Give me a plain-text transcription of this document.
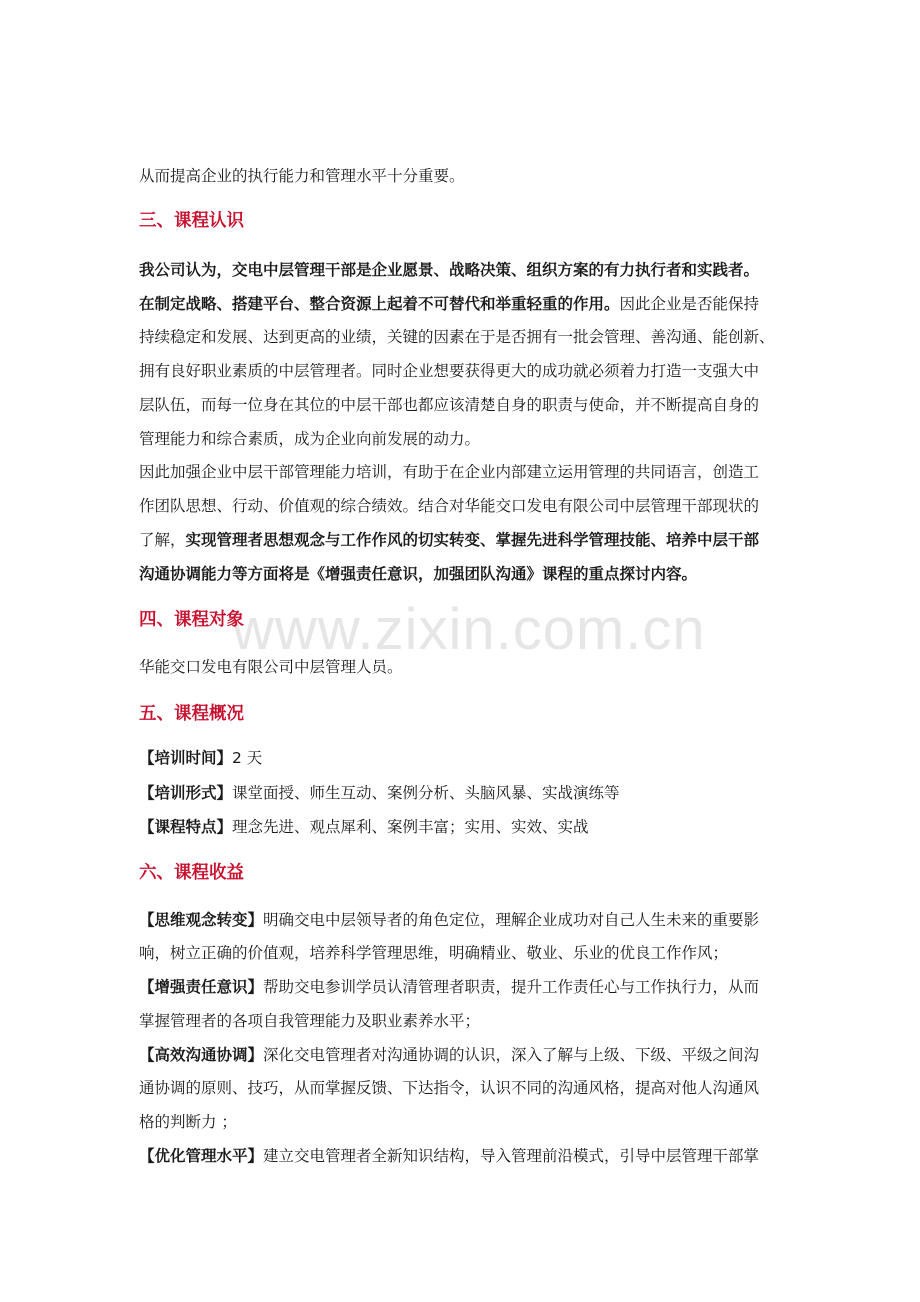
www.zixin.com.cn
从而提高企业的执行能力和管理水平十分重要。
三、课程认识
我公司认为，交电中层管理干部是企业愿景、战略决策、组织方案的有力执行者和实践者。
在制定战略、搭建平台、整合资源上起着不可替代和举重轻重的作用。因此企业是否能保持
持续稳定和发展、达到更高的业绩，关键的因素在于是否拥有一批会管理、善沟通、能创新、
拥有良好职业素质的中层管理者。同时企业想要获得更大的成功就必须着力打造一支强大中
层队伍，而每一位身在其位的中层干部也都应该清楚自身的职责与使命，并不断提高自身的
管理能力和综合素质，成为企业向前发展的动力。
因此加强企业中层干部管理能力培训，有助于在企业内部建立运用管理的共同语言，创造工
作团队思想、行动、价值观的综合绩效。结合对华能交口发电有限公司中层管理干部现状的
了解，实现管理者思想观念与工作作风的切实转变、掌握先进科学管理技能、培养中层干部
沟通协调能力等方面将是《增强责任意识，加强团队沟通》课程的重点探讨内容。
四、课程对象
华能交口发电有限公司中层管理人员。
五、课程概况
【培训时间】2 天
【培训形式】课堂面授、师生互动、案例分析、头脑风暴、实战演练等
【课程特点】理念先进、观点犀利、案例丰富；实用、实效、实战
六、课程收益
【思维观念转变】明确交电中层领导者的角色定位，理解企业成功对自己人生未来的重要影
响，树立正确的价值观，培养科学管理思维，明确精业、敬业、乐业的优良工作作风；
【增强责任意识】帮助交电参训学员认清管理者职责，提升工作责任心与工作执行力，从而
掌握管理者的各项自我管理能力及职业素养水平；
【高效沟通协调】深化交电管理者对沟通协调的认识，深入了解与上级、下级、平级之间沟
通协调的原则、技巧，从而掌握反馈、下达指令，认识不同的沟通风格，提高对他人沟通风
格的判断力 ；
【优化管理水平】建立交电管理者全新知识结构，导入管理前沿模式，引导中层管理干部掌
